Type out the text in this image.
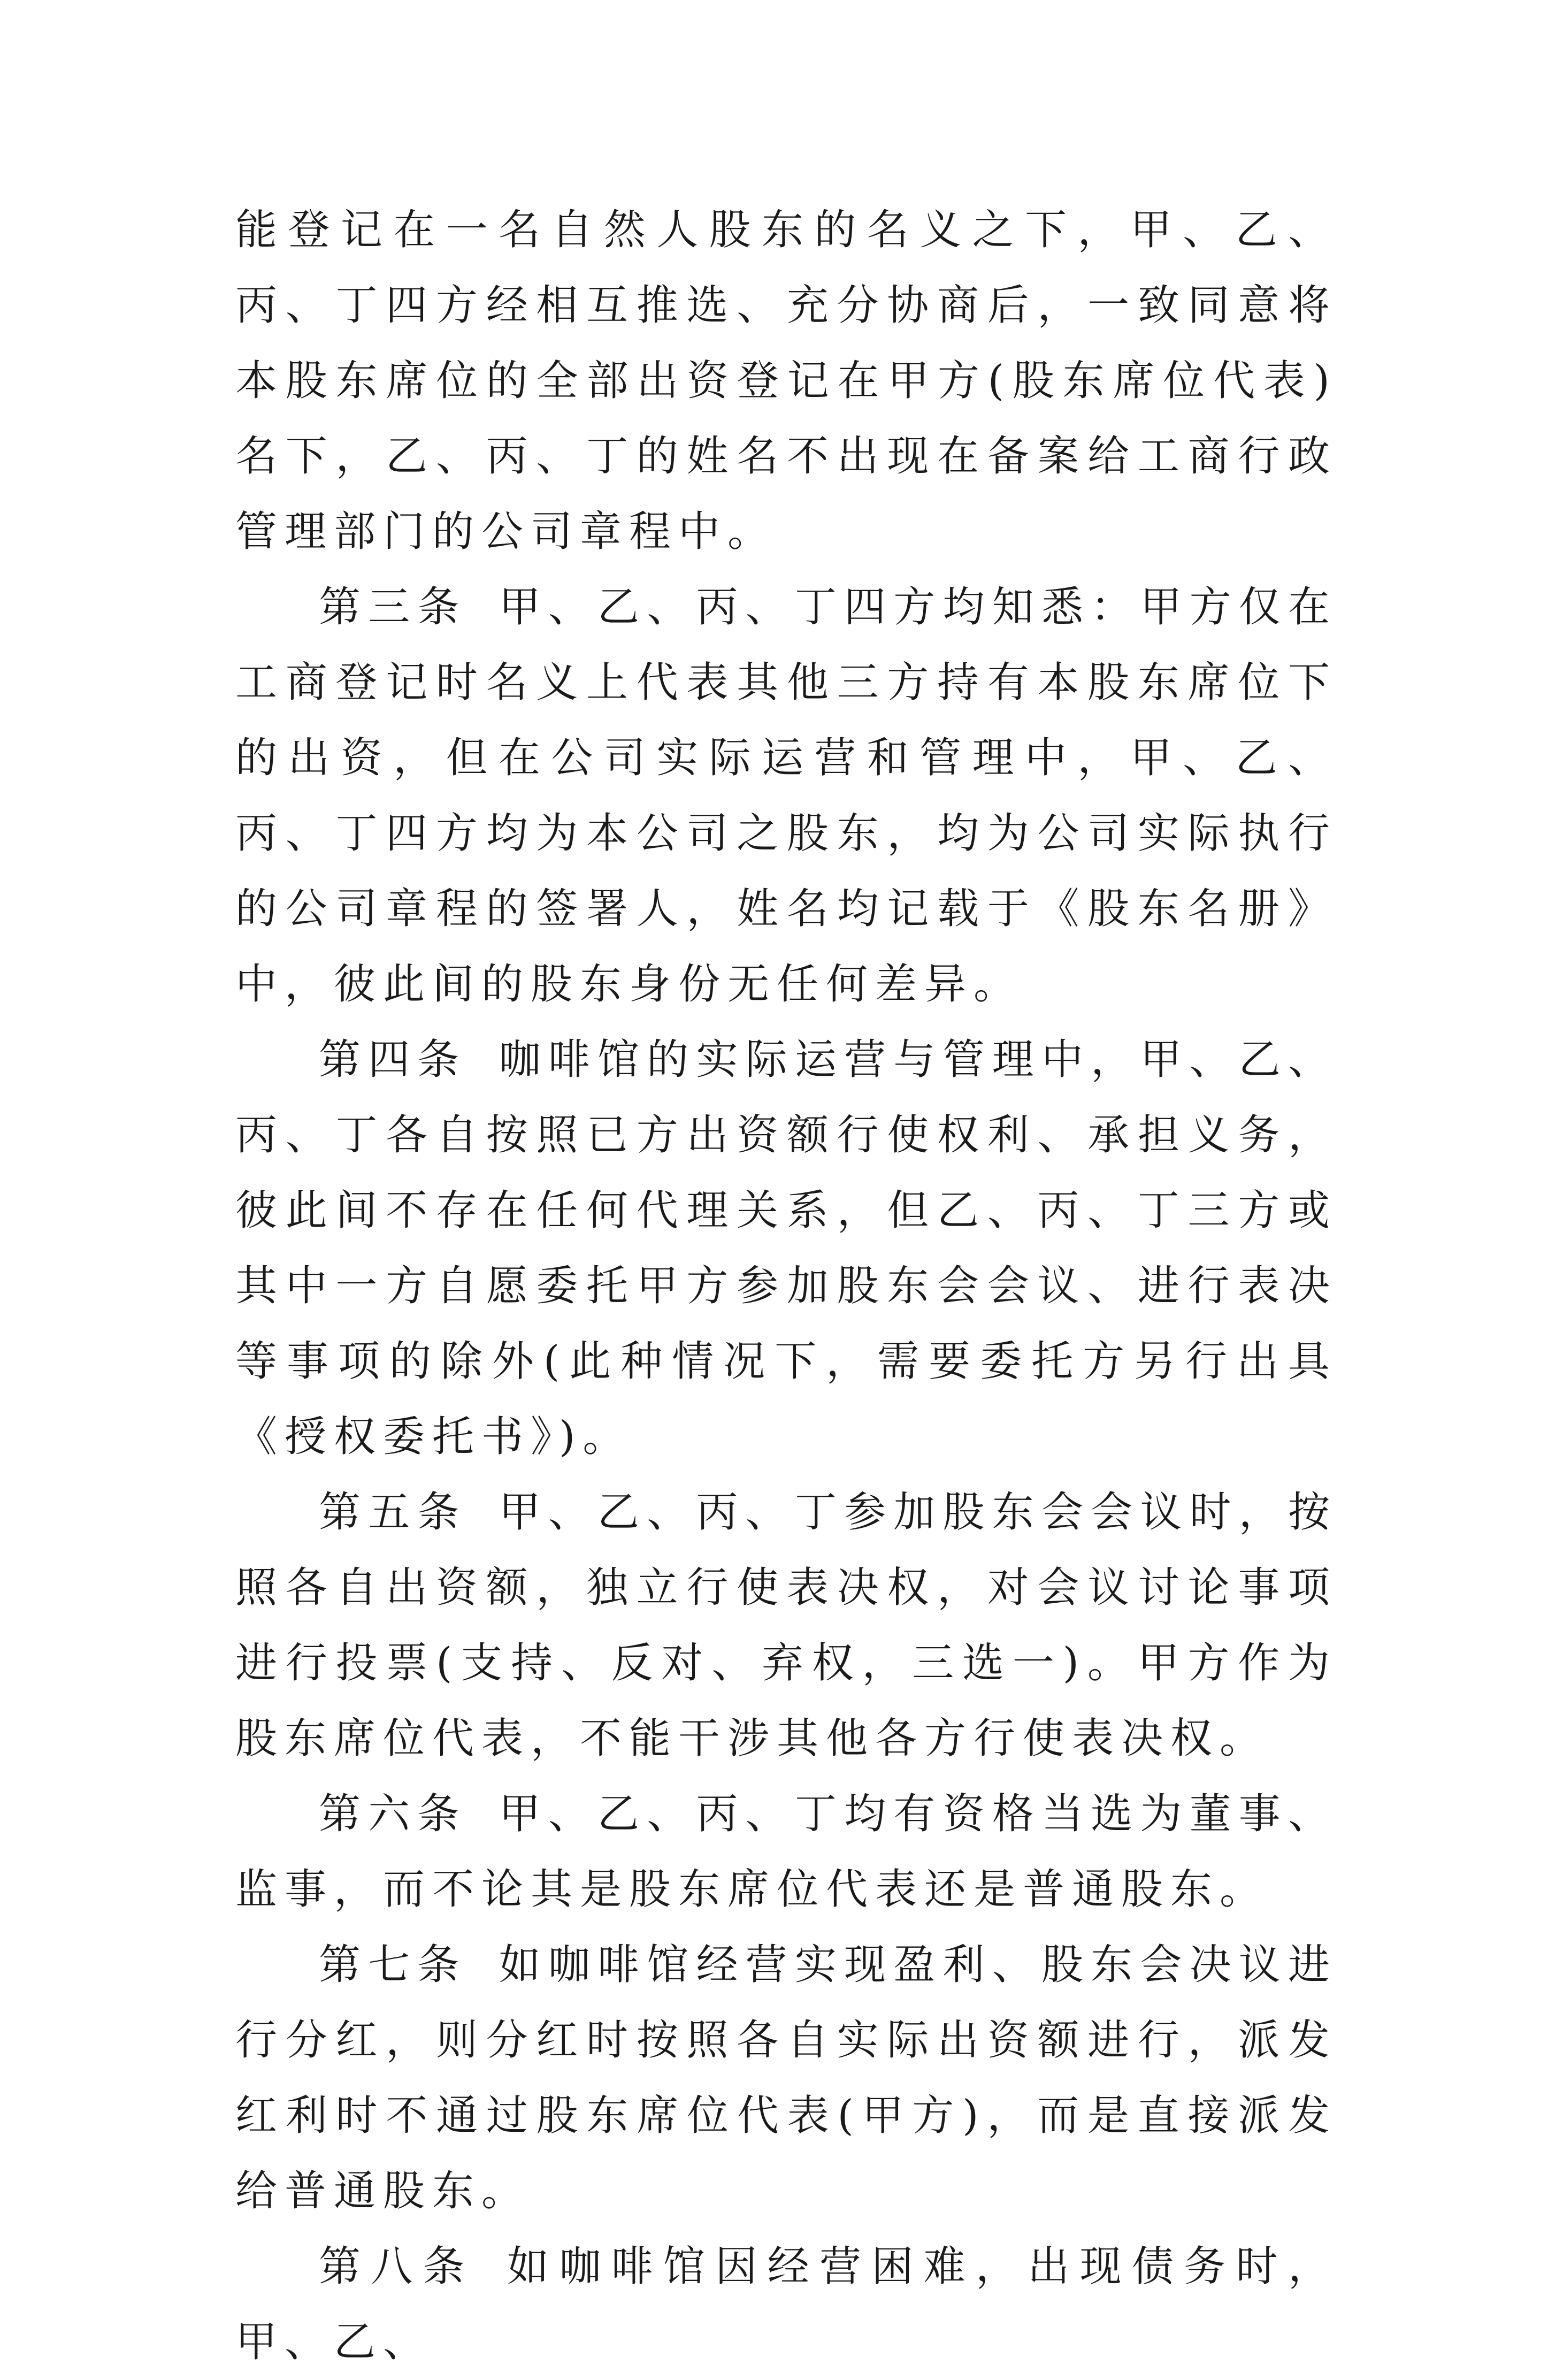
能登记在一名自然人股东的名义之下，甲、乙、丙、丁四方经相互推选、充分协商后，一致同意将本股东席位的全部出资登记在甲方(股东席位代表)名下，乙、丙、丁的姓名不出现在备案给工商行政管理部门的公司章程中。

第三条 甲、乙、丙、丁四方均知悉：甲方仅在工商登记时名义上代表其他三方持有本股东席位下的出资，但在公司实际运营和管理中，甲、乙、丙、丁四方均为本公司之股东，均为公司实际执行的公司章程的签署人，姓名均记载于《股东名册》中，彼此间的股东身份无任何差异。

第四条 咖啡馆的实际运营与管理中，甲、乙、丙、丁各自按照已方出资额行使权利、承担义务，彼此间不存在任何代理关系，但乙、丙、丁三方或其中一方自愿委托甲方参加股东会会议、进行表决等事项的除外(此种情况下，需要委托方另行出具《授权委托书》)。

第五条 甲、乙、丙、丁参加股东会会议时，按照各自出资额，独立行使表决权，对会议讨论事项进行投票(支持、反对、弃权，三选一)。甲方作为股东席位代表，不能干涉其他各方行使表决权。

第六条 甲、乙、丙、丁均有资格当选为董事、监事，而不论其是股东席位代表还是普通股东。

第七条 如咖啡馆经营实现盈利、股东会决议进行分红，则分红时按照各自实际出资额进行，派发红利时不通过股东席位代表(甲方)，而是直接派发给普通股东。

第八条 如咖啡馆因经营困难，出现债务时，甲、乙、
